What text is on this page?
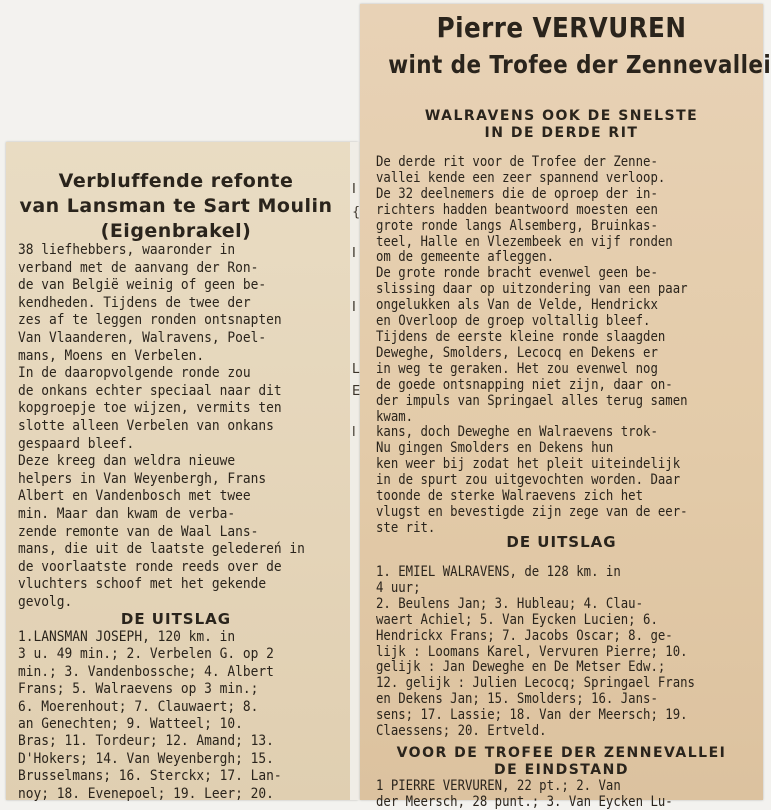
Verbluffende refonte

van Lansman te Sart Moulin

(Eigenbrakel)

38 liefhebbers, waaronder in
verband met de aanvang der Ron-
de van België weinig of geen be-
kendheden. Tijdens de twee der
zes af te leggen ronden ontsnapten
Van Vlaanderen, Walravens, Poel-
mans, Moens en Verbelen.
In de daaropvolgende ronde zou
de onkans echter speciaal naar dit
kopgroepje toe wijzen, vermits ten
slotte alleen Verbelen van onkans
gespaard bleef.
Deze kreeg dan weldra nieuwe
helpers in Van Weyenbergh, Frans
Albert en Vandenbosch met twee
min. Maar dan kwam de verba-
zende remonte van de Waal Lans-
mans, die uit de laatste geledereń in
de voorlaatste ronde reeds over de
vluchters schoof met het gekende
gevolg.

DE UITSLAG

1.LANSMAN JOSEPH, 120 km. in
3 u. 49 min.; 2. Verbelen G. op 2
min.; 3. Vandenbossche; 4. Albert
Frans; 5. Walraevens op 3 min.;
6. Moerenhout; 7. Clauwaert; 8.
an Genechten; 9. Watteel; 10.
Bras; 11. Tordeur; 12. Amand; 13.
D'Hokers; 14. Van Weyenbergh; 15.
Brusselmans; 16. Sterckx; 17. Lan-
noy; 18. Evenepoel; 19. Leer; 20.
I
{
I
I
L
E
l

Pierre VERVUREN

wint de Trofee der Zennevallei

WALRAVENS OOK DE SNELSTE

IN DE DERDE RIT

De derde rit voor de Trofee der Zenne-
vallei kende een zeer spannend verloop.
De 32 deelnemers die de oproep der in-
richters hadden beantwoord moesten een
grote ronde langs Alsemberg, Bruinkas-
teel, Halle en Vlezembeek en vijf ronden
om de gemeente afleggen.
De grote ronde bracht evenwel geen be-
slissing daar op uitzondering van een paar
ongelukken als Van de Velde, Hendrickx
en Overloop de groep voltallig bleef.
Tijdens de eerste kleine ronde slaagden
Deweghe, Smolders, Lecocq en Dekens er
in weg te geraken. Het zou evenwel nog
de goede ontsnapping niet zijn, daar on-
der impuls van Springael alles terug samen
kwam.
kans, doch Deweghe en Walraevens trok-
Nu gingen Smolders en Dekens hun
ken weer bij zodat het pleit uiteindelijk
in de spurt zou uitgevochten worden. Daar
toonde de sterke Walraevens zich het
vlugst en bevestigde zijn zege van de eer-
ste rit.

DE UITSLAG

1. EMIEL WALRAVENS, de 128 km. in
4 uur;
2. Beulens Jan; 3. Hubleau; 4. Clau-
waert Achiel; 5. Van Eycken Lucien; 6.
Hendrickx Frans; 7. Jacobs Oscar; 8. ge-
lijk : Loomans Karel, Vervuren Pierre; 10.
gelijk : Jan Deweghe en De Metser Edw.;
12. gelijk : Julien Lecocq; Springael Frans
en Dekens Jan; 15. Smolders; 16. Jans-
sens; 17. Lassie; 18. Van der Meersch; 19.
Claessens; 20. Ertveld.

VOOR DE TROFEE DER ZENNEVALLEI

DE EINDSTAND

1 PIERRE VERVUREN, 22 pt.; 2. Van
der Meersch, 28 punt.; 3. Van Eycken Lu-
